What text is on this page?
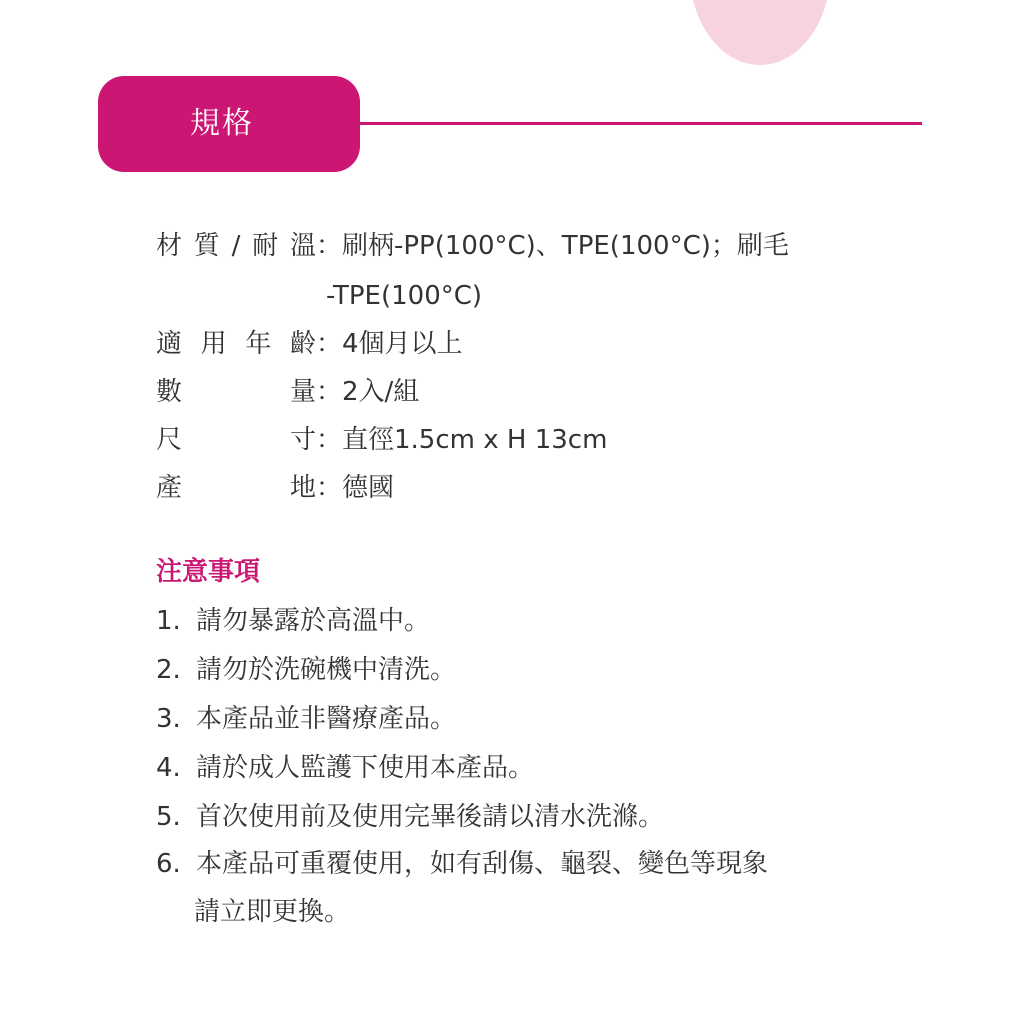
規格
材質/耐溫：刷柄-PP(100°C)、TPE(100°C)；刷毛
-TPE(100°C)
適用年齡：4個月以上
數量：2入/組
尺寸：直徑1.5cm x H 13cm
產地：德國
注意事項
1. 請勿暴露於高溫中。
2. 請勿於洗碗機中清洗。
3. 本產品並非醫療產品。
4. 請於成人監護下使用本產品。
5. 首次使用前及使用完畢後請以清水洗滌。
6. 本產品可重覆使用，如有刮傷、龜裂、變色等現象
請立即更換。
